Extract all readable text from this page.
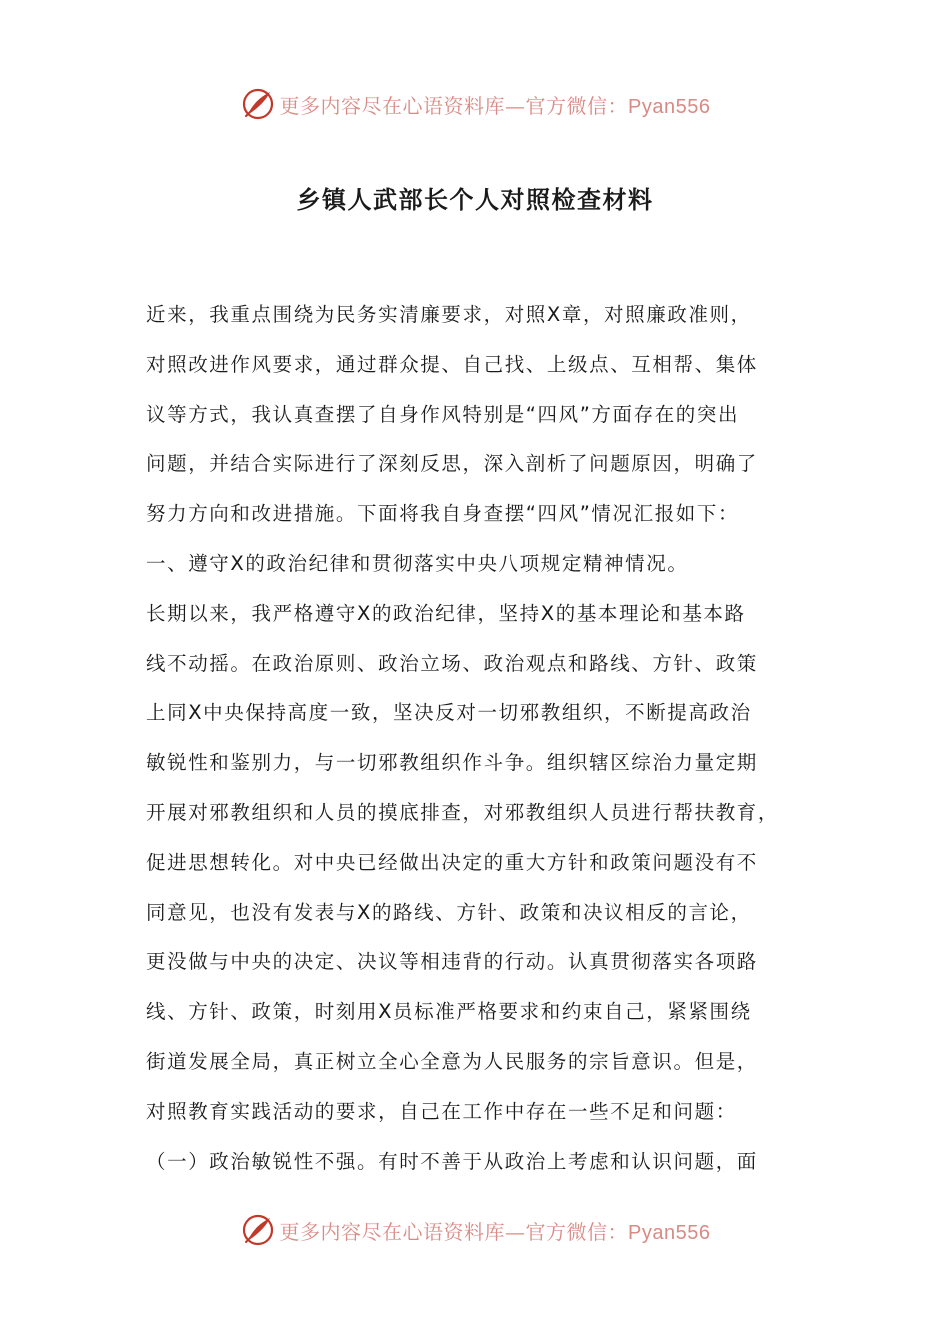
更多内容尽在心语资料库—官方微信：Pyan556
乡镇人武部长个人对照检查材料
近来，我重点围绕为民务实清廉要求，对照X章，对照廉政准则，
对照改进作风要求，通过群众提、自己找、上级点、互相帮、集体
议等方式，我认真查摆了自身作风特别是“四风”方面存在的突出
问题，并结合实际进行了深刻反思，深入剖析了问题原因，明确了
努力方向和改进措施。下面将我自身查摆“四风”情况汇报如下：
一、遵守X的政治纪律和贯彻落实中央八项规定精神情况。
长期以来，我严格遵守X的政治纪律，坚持X的基本理论和基本路
线不动摇。在政治原则、政治立场、政治观点和路线、方针、政策
上同X中央保持高度一致，坚决反对一切邪教组织，不断提高政治
敏锐性和鉴别力，与一切邪教组织作斗争。组织辖区综治力量定期
开展对邪教组织和人员的摸底排查，对邪教组织人员进行帮扶教育，
促进思想转化。对中央已经做出决定的重大方针和政策问题没有不
同意见，也没有发表与X的路线、方针、政策和决议相反的言论，
更没做与中央的决定、决议等相违背的行动。认真贯彻落实各项路
线、方针、政策，时刻用X员标准严格要求和约束自己，紧紧围绕
街道发展全局，真正树立全心全意为人民服务的宗旨意识。但是，
对照教育实践活动的要求，自己在工作中存在一些不足和问题：
（一）政治敏锐性不强。有时不善于从政治上考虑和认识问题，面
更多内容尽在心语资料库—官方微信：Pyan556
